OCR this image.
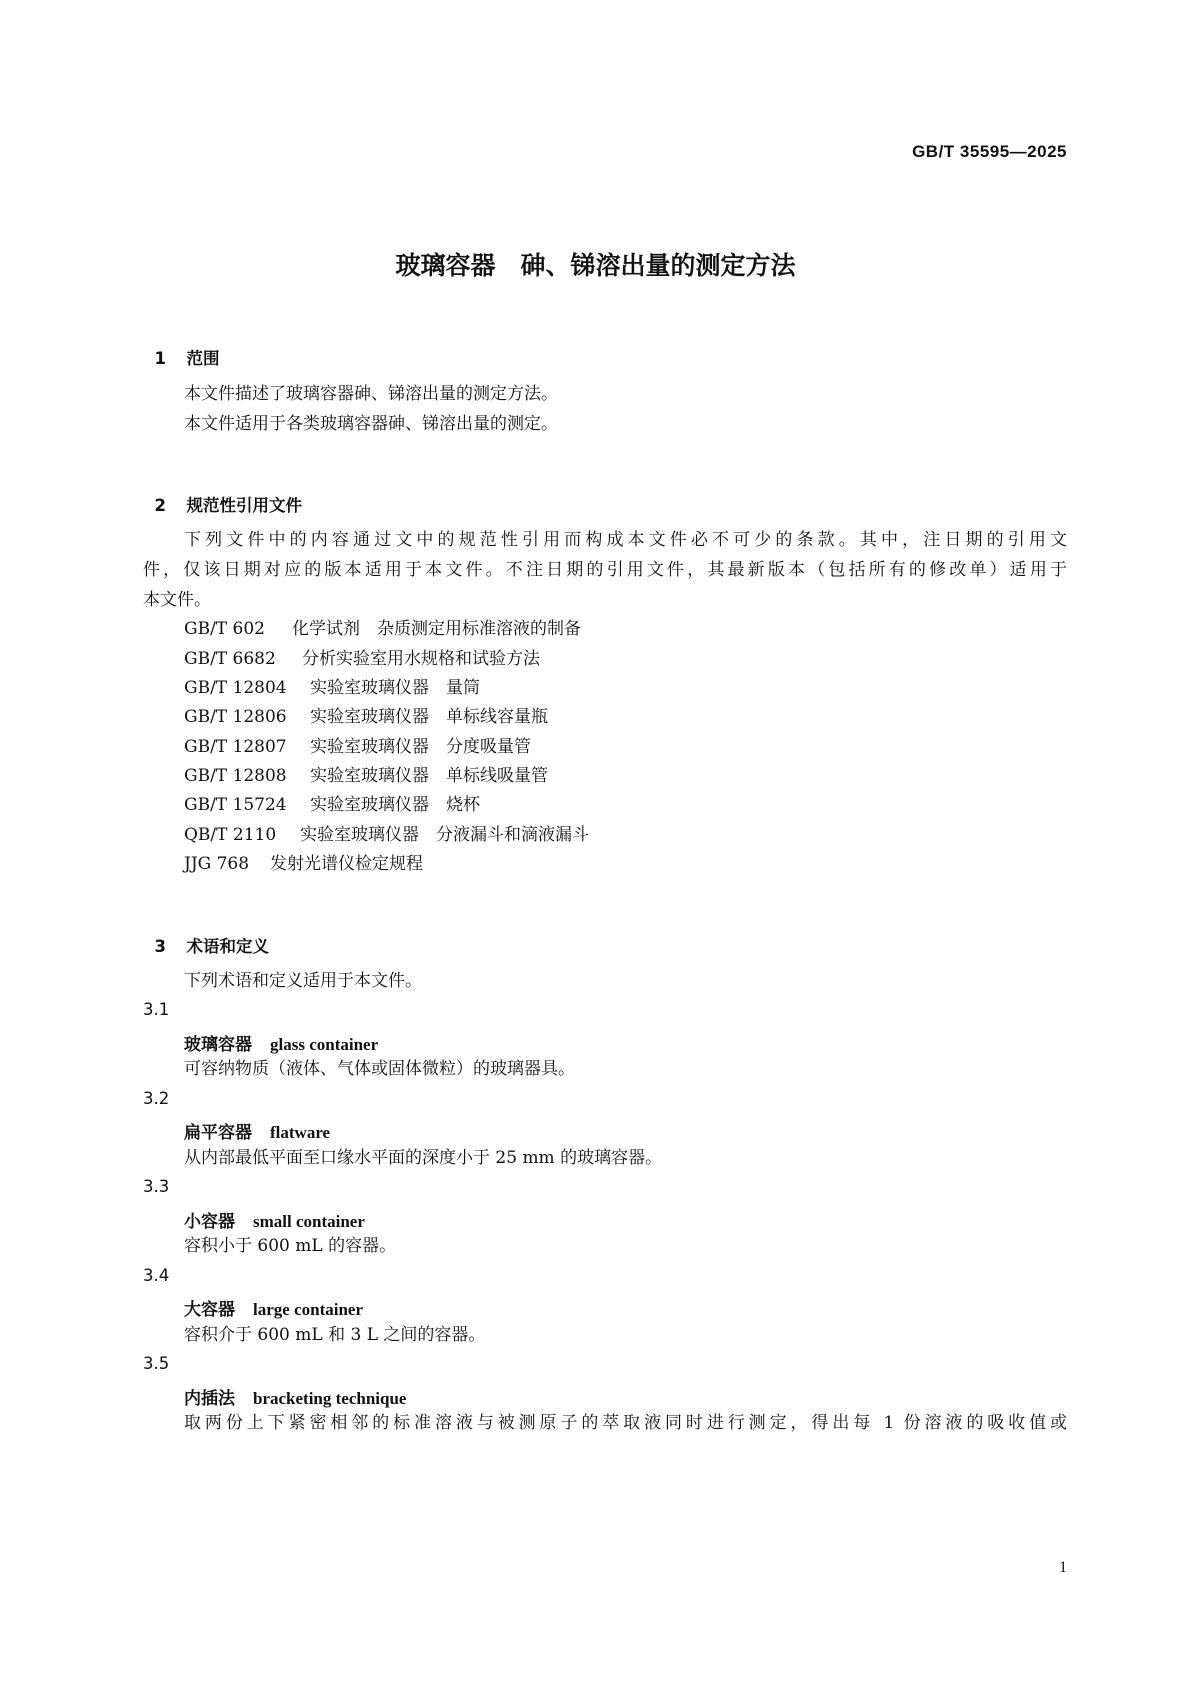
GB/T 35595—2025
玻璃容器　砷、锑溶出量的测定方法

1 范围

本文件描述了玻璃容器砷、锑溶出量的测定方法。
本文件适用于各类玻璃容器砷、锑溶出量的测定。

2 规范性引用文件

下列文件中的内容通过文中的规范性引用而构成本文件必不可少的条款。其中，注日期的引用文
件，仅该日期对应的版本适用于本文件。不注日期的引用文件，其最新版本（包括所有的修改单）适用于
本文件。
GB/T 602 化学试剂　杂质测定用标准溶液的制备
GB/T 6682 分析实验室用水规格和试验方法
GB/T 12804 实验室玻璃仪器　量筒
GB/T 12806 实验室玻璃仪器　单标线容量瓶
GB/T 12807 实验室玻璃仪器　分度吸量管
GB/T 12808 实验室玻璃仪器　单标线吸量管
GB/T 15724 实验室玻璃仪器　烧杯
QB/T 2110 实验室玻璃仪器　分液漏斗和滴液漏斗
JJG 768 发射光谱仪检定规程

3 术语和定义

下列术语和定义适用于本文件。
3.1
玻璃容器 glass container
可容纳物质（液体、气体或固体微粒）的玻璃器具。
3.2
扁平容器 flatware
从内部最低平面至口缘水平面的深度小于 25 mm 的玻璃容器。
3.3
小容器 small container
容积小于 600 mL 的容器。
3.4
大容器 large container
容积介于 600 mL 和 3 L 之间的容器。
3.5
内插法 bracketing technique
取两份上下紧密相邻的标准溶液与被测原子的萃取液同时进行测定，得出每 1 份溶液的吸收值或
1
